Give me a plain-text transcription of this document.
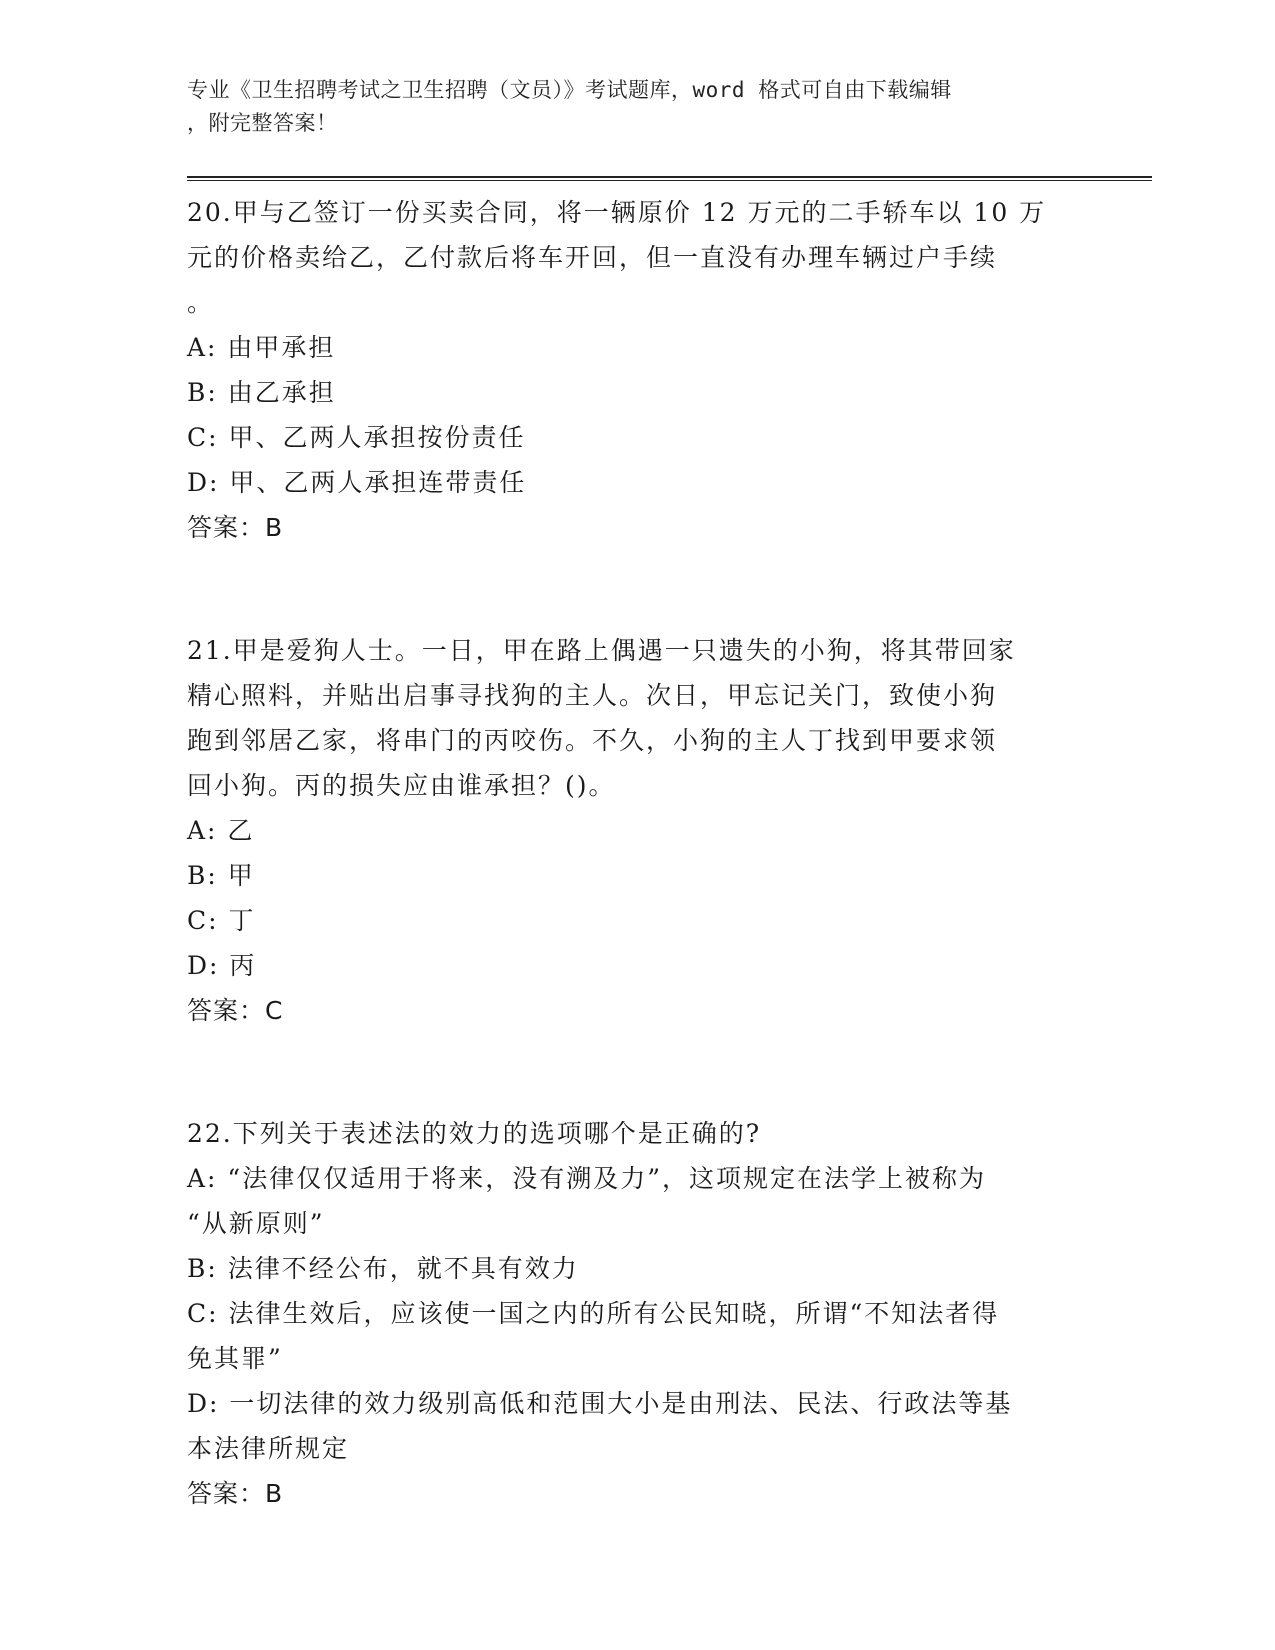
专业《卫生招聘考试之卫生招聘（文员）》考试题库，word 格式可自由下载编辑

，附完整答案！

20.甲与乙签订一份买卖合同，将一辆原价 12 万元的二手轿车以 10 万
元的价格卖给乙，乙付款后将车开回，但一直没有办理车辆过户手续
。
A: 由甲承担
B: 由乙承担
C: 甲、乙两人承担按份责任
D: 甲、乙两人承担连带责任
答案：B
21.甲是爱狗人士。一日，甲在路上偶遇一只遗失的小狗，将其带回家
精心照料，并贴出启事寻找狗的主人。次日，甲忘记关门，致使小狗
跑到邻居乙家，将串门的丙咬伤。不久，小狗的主人丁找到甲要求领
回小狗。丙的损失应由谁承担？()。
A: 乙
B: 甲
C: 丁
D: 丙
答案：C
22.下列关于表述法的效力的选项哪个是正确的?
A: “法律仅仅适用于将来，没有溯及力”，这项规定在法学上被称为
“从新原则”
B: 法律不经公布，就不具有效力
C: 法律生效后，应该使一国之内的所有公民知晓，所谓“不知法者得
免其罪”
D: 一切法律的效力级别高低和范围大小是由刑法、民法、行政法等基
本法律所规定
答案：B
